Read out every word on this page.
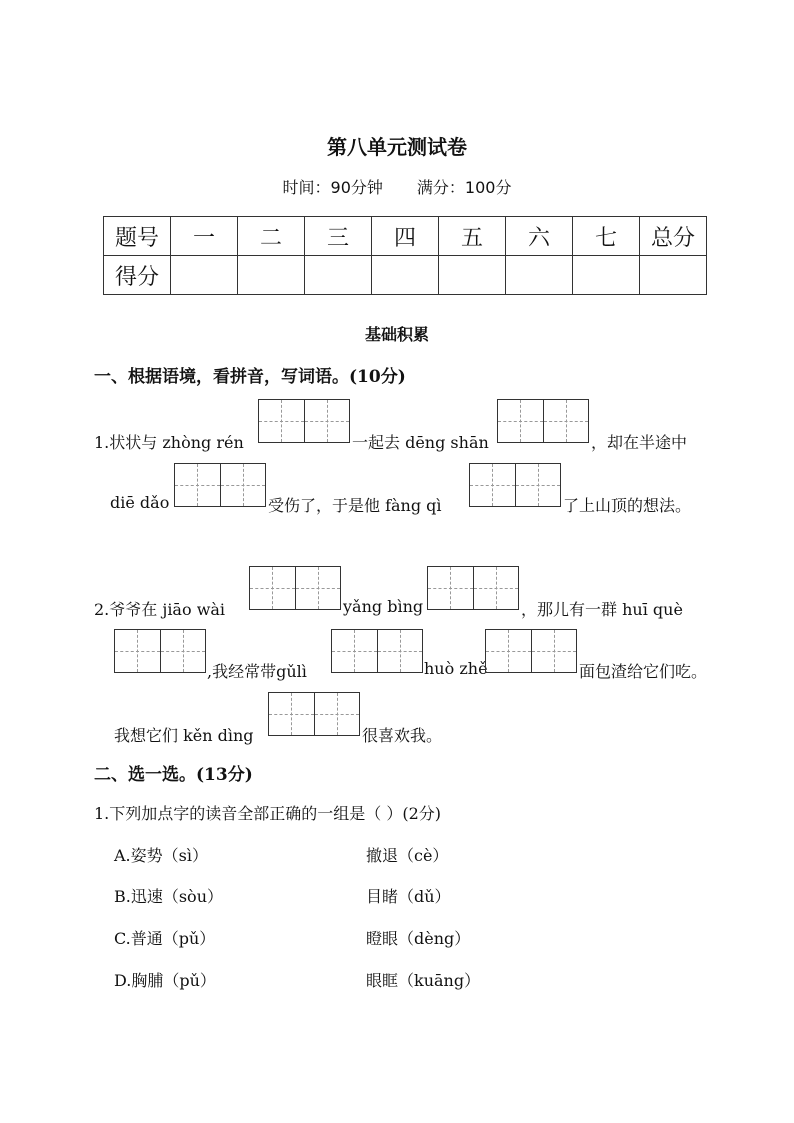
第八单元测试卷
时间：90分钟 满分：100分
题号	一	二	三	四	五	六	七	总分
得分								
基础积累
一、根据语境，看拼音，写词语。(10分)
1.状状与 zhòng rén	一起去 dēng shān	，却在半途中
diē dǎo	受伤了，于是他 fàng qì	了上山顶的想法。
2.爷爷在 jiāo wài	yǎng bìng	，那儿有一群 huī què
,我经常带gǔlì	huò zhě	面包渣给它们吃。
我想它们 kěn dìng	很喜欢我。
二、选一选。(13分)
1.下列加点字的读音全部正确的一组是（ ）(2分)
A.姿势（sì）	撤退（cè）
B.迅速（sòu）	目睹（dǔ）
C.普通（pǔ）	瞪眼（dèng）
D.胸脯（pǔ）	眼眶（kuāng）
